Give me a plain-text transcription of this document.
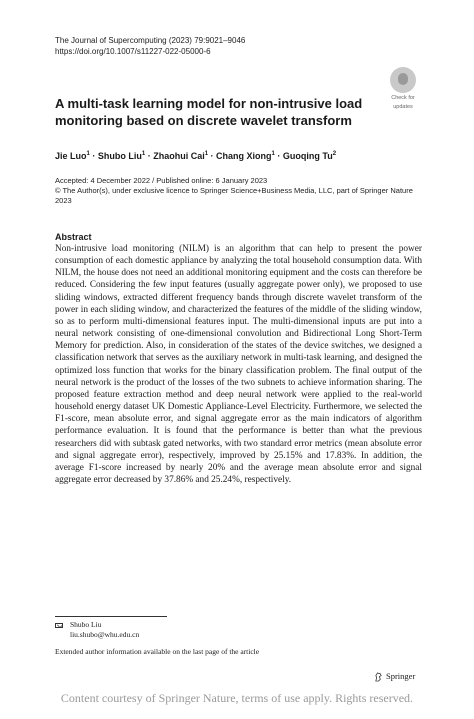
The Journal of Supercomputing (2023) 79:9021–9046
https://doi.org/10.1007/s11227-022-05000-6
Check for
updates
A multi-task learning model for non-intrusive load monitoring based on discrete wavelet transform
Jie Luo$^1$ · Shubo Liu$^1$ · Zhaohui Cai$^1$ · Chang Xiong$^1$ · Guoqing Tu$^2$
Accepted: 4 December 2022 / Published online: 6 January 2023
© The Author(s), under exclusive licence to Springer Science+Business Media, LLC, part of Springer Nature 2023
Abstract

Non-intrusive load monitoring (NILM) is an algorithm that can help to present the power consumption of each domestic appliance by analyzing the total household consumption data. With NILM, the house does not need an additional monitoring equipment and the costs can therefore be reduced. Considering the few input features (usually aggregate power only), we proposed to use sliding windows, extracted different frequency bands through discrete wavelet transform of the power in each sliding window, and characterized the features of the middle of the sliding window, so as to perform multi-dimensional features input. The multi-dimensional inputs are put into a neural network consisting of one-dimensional convolution and Bidirectional Long Short-Term Memory for prediction. Also, in consideration of the states of the device switches, we designed a classification network that serves as the auxiliary network in multi-task learning, and designed the optimized loss function that works for the binary classification problem. The final output of the neural network is the product of the losses of the two subnets to achieve information sharing. The proposed feature extraction method and deep neural network were applied to the real-world household energy dataset UK Domestic Appliance-Level Electricity. Furthermore, we selected the F1-score, mean absolute error, and signal aggregate error as the main indicators of algorithm performance evaluation. It is found that the performance is better than what the previous researchers did with subtask gated networks, with two standard error metrics (mean absolute error and signal aggregate error), respectively, improved by 25.15% and 17.83%. In addition, the average F1-score increased by nearly 20% and the average mean absolute error and signal aggregate error decreased by 37.86% and 25.24%, respectively.

Shubo Liu
liu.shubo@whu.edu.cn
Extended author information available on the last page of the article
Springer
Content courtesy of Springer Nature, terms of use apply. Rights reserved.
